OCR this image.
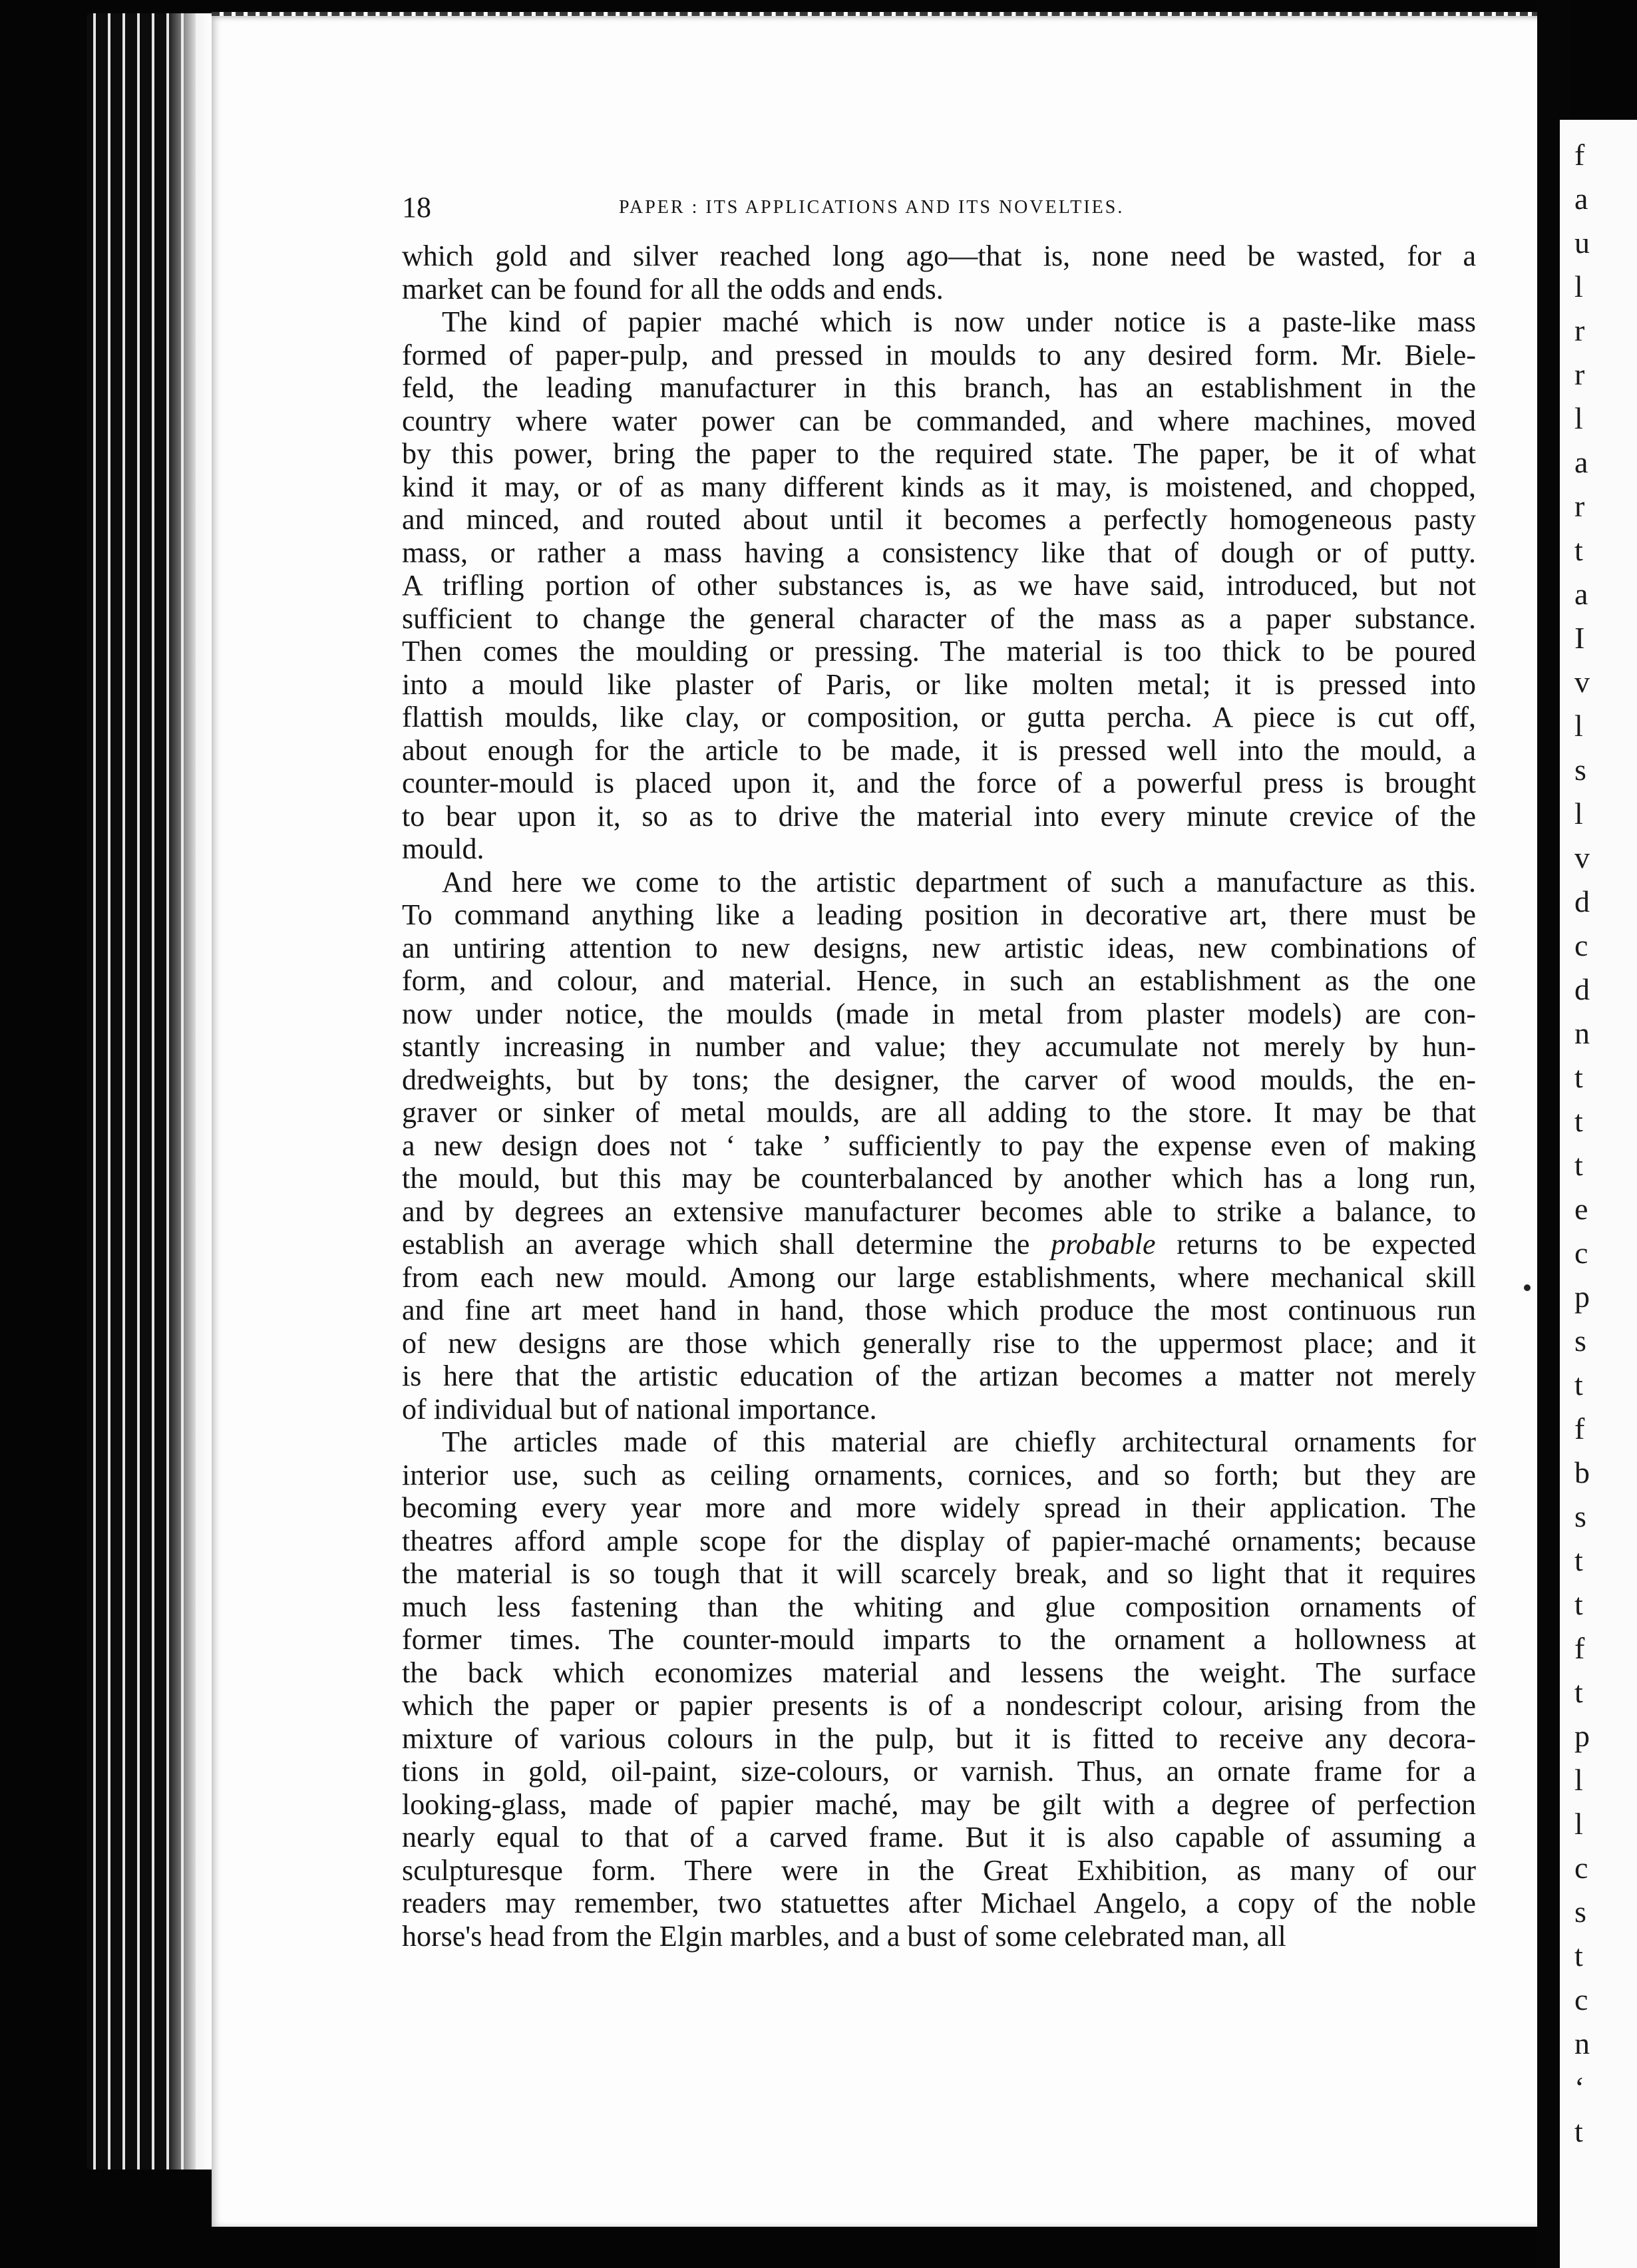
f
a
u
l
r
r
l
a
r
t
a
I
v
l
s
l
v
d
c
d
n
t
t
t
e
c
p
s
t
f
b
s
t
t
f
t
p
l
l
c
s
t
c
n
‘
t
18	PAPER : ITS APPLICATIONS AND ITS NOVELTIES.

which gold and silver reached long ago—that is, none need be wasted, for a
market can be found for all the odds and ends.

The kind of papier maché which is now under notice is a paste-like mass
formed of paper-pulp, and pressed in moulds to any desired form. Mr. Biele-
feld, the leading manufacturer in this branch, has an establishment in the
country where water power can be commanded, and where machines, moved
by this power, bring the paper to the required state. The paper, be it of what
kind it may, or of as many different kinds as it may, is moistened, and chopped,
and minced, and routed about until it becomes a perfectly homogeneous pasty
mass, or rather a mass having a consistency like that of dough or of putty.
A trifling portion of other substances is, as we have said, introduced, but not
sufficient to change the general character of the mass as a paper substance.
Then comes the moulding or pressing. The material is too thick to be poured
into a mould like plaster of Paris, or like molten metal; it is pressed into
flattish moulds, like clay, or composition, or gutta percha. A piece is cut off,
about enough for the article to be made, it is pressed well into the mould, a
counter-mould is placed upon it, and the force of a powerful press is brought
to bear upon it, so as to drive the material into every minute crevice of the
mould.

And here we come to the artistic department of such a manufacture as this.
To command anything like a leading position in decorative art, there must be
an untiring attention to new designs, new artistic ideas, new combinations of
form, and colour, and material. Hence, in such an establishment as the one
now under notice, the moulds (made in metal from plaster models) are con-
stantly increasing in number and value; they accumulate not merely by hun-
dredweights, but by tons; the designer, the carver of wood moulds, the en-
graver or sinker of metal moulds, are all adding to the store. It may be that
a new design does not ‘ take ’ sufficiently to pay the expense even of making
the mould, but this may be counterbalanced by another which has a long run,
and by degrees an extensive manufacturer becomes able to strike a balance, to
establish an average which shall determine the probable returns to be expected
from each new mould. Among our large establishments, where mechanical skill
and fine art meet hand in hand, those which produce the most continuous run
of new designs are those which generally rise to the uppermost place; and it
is here that the artistic education of the artizan becomes a matter not merely
of individual but of national importance.

The articles made of this material are chiefly architectural ornaments for
interior use, such as ceiling ornaments, cornices, and so forth; but they are
becoming every year more and more widely spread in their application. The
theatres afford ample scope for the display of papier-maché ornaments; because
the material is so tough that it will scarcely break, and so light that it requires
much less fastening than the whiting and glue composition ornaments of
former times. The counter-mould imparts to the ornament a hollowness at
the back which economizes material and lessens the weight. The surface
which the paper or papier presents is of a nondescript colour, arising from the
mixture of various colours in the pulp, but it is fitted to receive any decora-
tions in gold, oil-paint, size-colours, or varnish. Thus, an ornate frame for a
looking-glass, made of papier maché, may be gilt with a degree of perfection
nearly equal to that of a carved frame. But it is also capable of assuming a
sculpturesque form. There were in the Great Exhibition, as many of our
readers may remember, two statuettes after Michael Angelo, a copy of the noble
horse's head from the Elgin marbles, and a bust of some celebrated man, all
